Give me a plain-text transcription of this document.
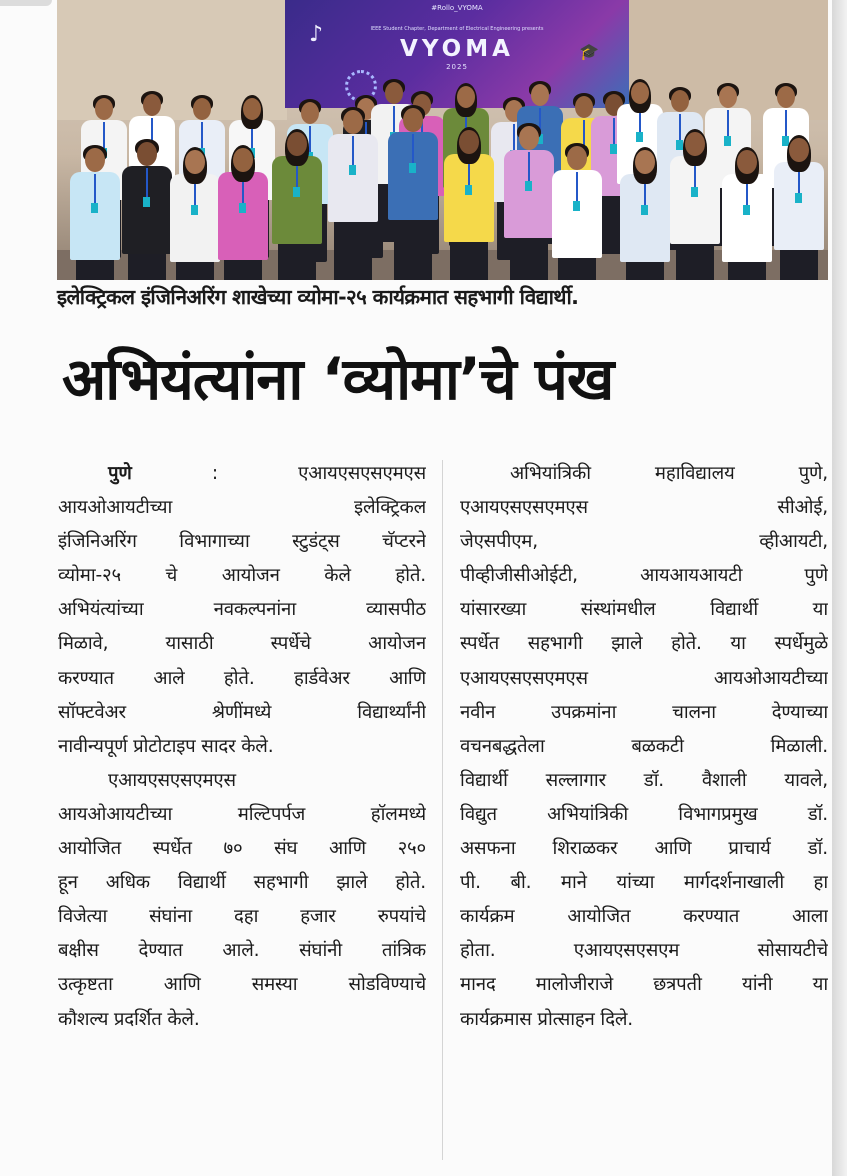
#Rollo_VYOMA
♪	IEEE Student Chapter, Department of Electrical Engineering presents
VYOMA
2025
🎓
इलेक्ट्रिकल इंजिनिअरिंग शाखेच्या व्योमा-२५ कार्यक्रमात सहभागी विद्यार्थी.
अभियंत्यांना ‘व्योमा’चे पंख
पुणे  :  एआयएसएसएमएस
आयओआयटीच्या इलेक्ट्रिकल
इंजिनिअरिंग विभागाच्या स्टुडंट्स चॅप्टरने
व्योमा-२५ चे आयोजन केले होते.
अभियंत्यांच्या नवकल्पनांना व्यासपीठ
मिळावे, यासाठी स्पर्धेचे आयोजन
करण्यात आले होते. हार्डवेअर आणि
सॉफ्टवेअर श्रेणींमध्ये विद्यार्थ्यांनी
नावीन्यपूर्ण प्रोटोटाइप सादर केले.
एआयएसएसएमएस
आयओआयटीच्या मल्टिपर्पज हॉलमध्ये
आयोजित स्पर्धेत ७० संघ आणि २५०
हून अधिक विद्यार्थी सहभागी झाले होते.
विजेत्या संघांना दहा हजार रुपयांचे
बक्षीस देण्यात आले. संघांनी तांत्रिक
उत्कृष्टता आणि समस्या सोडविण्याचे
कौशल्य प्रदर्शित केले.
अभियांत्रिकी महाविद्यालय पुणे,
एआयएसएसएमएस सीओई,
जेएसपीएम, व्हीआयटी,
पीव्हीजीसीओईटी, आयआयआयटी पुणे
यांसारख्या संस्थांमधील विद्यार्थी या
स्पर्धेत सहभागी झाले होते. या स्पर्धेमुळे
एआयएसएसएमएस आयओआयटीच्या
नवीन उपक्रमांना चालना देण्याच्या
वचनबद्धतेला बळकटी मिळाली.
विद्यार्थी सल्लागार डॉ. वैशाली यावले,
विद्युत अभियांत्रिकी विभागप्रमुख डॉ.
असफना शिराळकर आणि प्राचार्य डॉ.
पी. बी. माने यांच्या मार्गदर्शनाखाली हा
कार्यक्रम आयोजित करण्यात आला
होता. एआयएसएसएम सोसायटीचे
मानद मालोजीराजे छत्रपती यांनी या
कार्यक्रमास प्रोत्साहन दिले.
